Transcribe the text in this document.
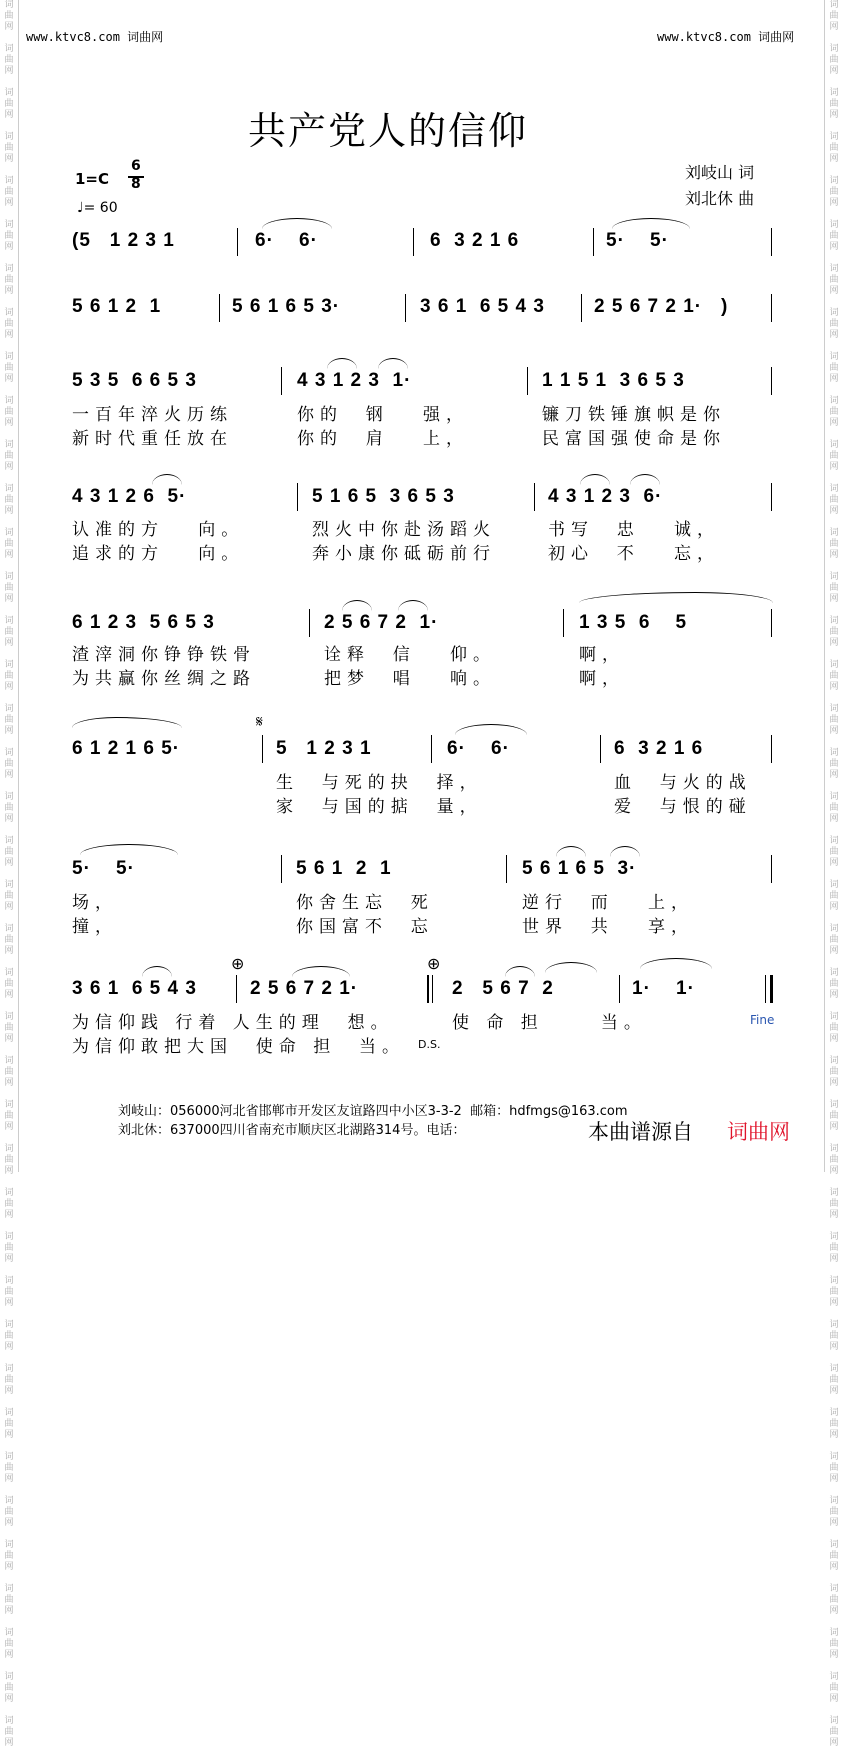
词
曲
网

词
曲
网

词
曲
网

词
曲
网

词
曲
网

词
曲
网

词
曲
网

词
曲
网

词
曲
网

词
曲
网

词
曲
网

词
曲
网

词
曲
网

词
曲
网

词
曲
网

词
曲
网

词
曲
网

词
曲
网

词
曲
网

词
曲
网

词
曲
网

词
曲
网

词
曲
网

词
曲
网

词
曲
网

词
曲
网

词
曲
网

词
曲
网

词
曲
网

词
曲
网

词
曲
网

词
曲
网

词
曲
网

词
曲
网

词
曲
网

词
曲
网

词
曲
网

词
曲
网

词
曲
网

词
曲
网
词
曲
网

词
曲
网

词
曲
网

词
曲
网

词
曲
网

词
曲
网

词
曲
网

词
曲
网

词
曲
网

词
曲
网

词
曲
网

词
曲
网

词
曲
网

词
曲
网

词
曲
网

词
曲
网

词
曲
网

词
曲
网

词
曲
网

词
曲
网

词
曲
网

词
曲
网

词
曲
网

词
曲
网

词
曲
网

词
曲
网

词
曲
网

词
曲
网

词
曲
网

词
曲
网

词
曲
网

词
曲
网

词
曲
网

词
曲
网

词
曲
网

词
曲
网

词
曲
网

词
曲
网

词
曲
网

词
曲
网
www.ktvc8.com 词曲网	www.ktvc8.com 词曲网
共产党人的信仰
刘岐山 词
刘北休 曲
1=C
6
8
♩= 60
(5   1 2 3 1	6·    6·	6  3 2 1 6	5·    5·
5 6 1 2  1	5 6 1 6 5 3·	3 6 1  6 5 4 3	2 5 6 7 2 1·   )
5 3 5  6 6 5 3	4 3 1 2 3  1·	1 1 5 1  3 6 5 3
一百年淬火历练	你的  钢   强，	镰刀铁锤旗帜是你
新时代重任放在	你的  肩   上，	民富国强使命是你
4 3 1 2 6  5·	5 1 6 5  3 6 5 3	4 3 1 2 3  6·
认准的方   向。	烈火中你赴汤蹈火	书写  忠   诚，
追求的方   向。	奔小康你砥砺前行	初心  不   忘，
6 1 2 3  5 6 5 3	2 5 6 7 2  1·	1 3 5  6    5
渣滓洞你铮铮铁骨	诠释  信   仰。	啊，
为共赢你丝绸之路	把梦  唱   响。	啊，
6 1 2 1 6 5·
𝄋
5   1 2 3 1	6·    6·	6  3 2 1 6
生  与死的抉  择，	血  与火的战
家  与国的掂  量，	爱  与恨的碰
5·    5·	5 6 1  2  1	5 6 1 6 5  3·
场，	你舍生忘  死	逆行  而   上，
撞，	你国富不  忘	世界  共   享，
3 6 1  6 5 4 3
⊕
2 5 6 7 2 1·
⊕
2   5 6 7  2	1·    1·
为信仰践 行着 人生的理  想。	使 命 担     当。	Fine
为信仰敢把大国  使命 担  当。 D.S.
刘岐山：056000河北省邯郸市开发区友谊路四中小区3-3-2  邮箱：hdfmgs@163.com
刘北休：637000四川省南充市顺庆区北湖路314号。电话：	本曲谱源自 词曲网
